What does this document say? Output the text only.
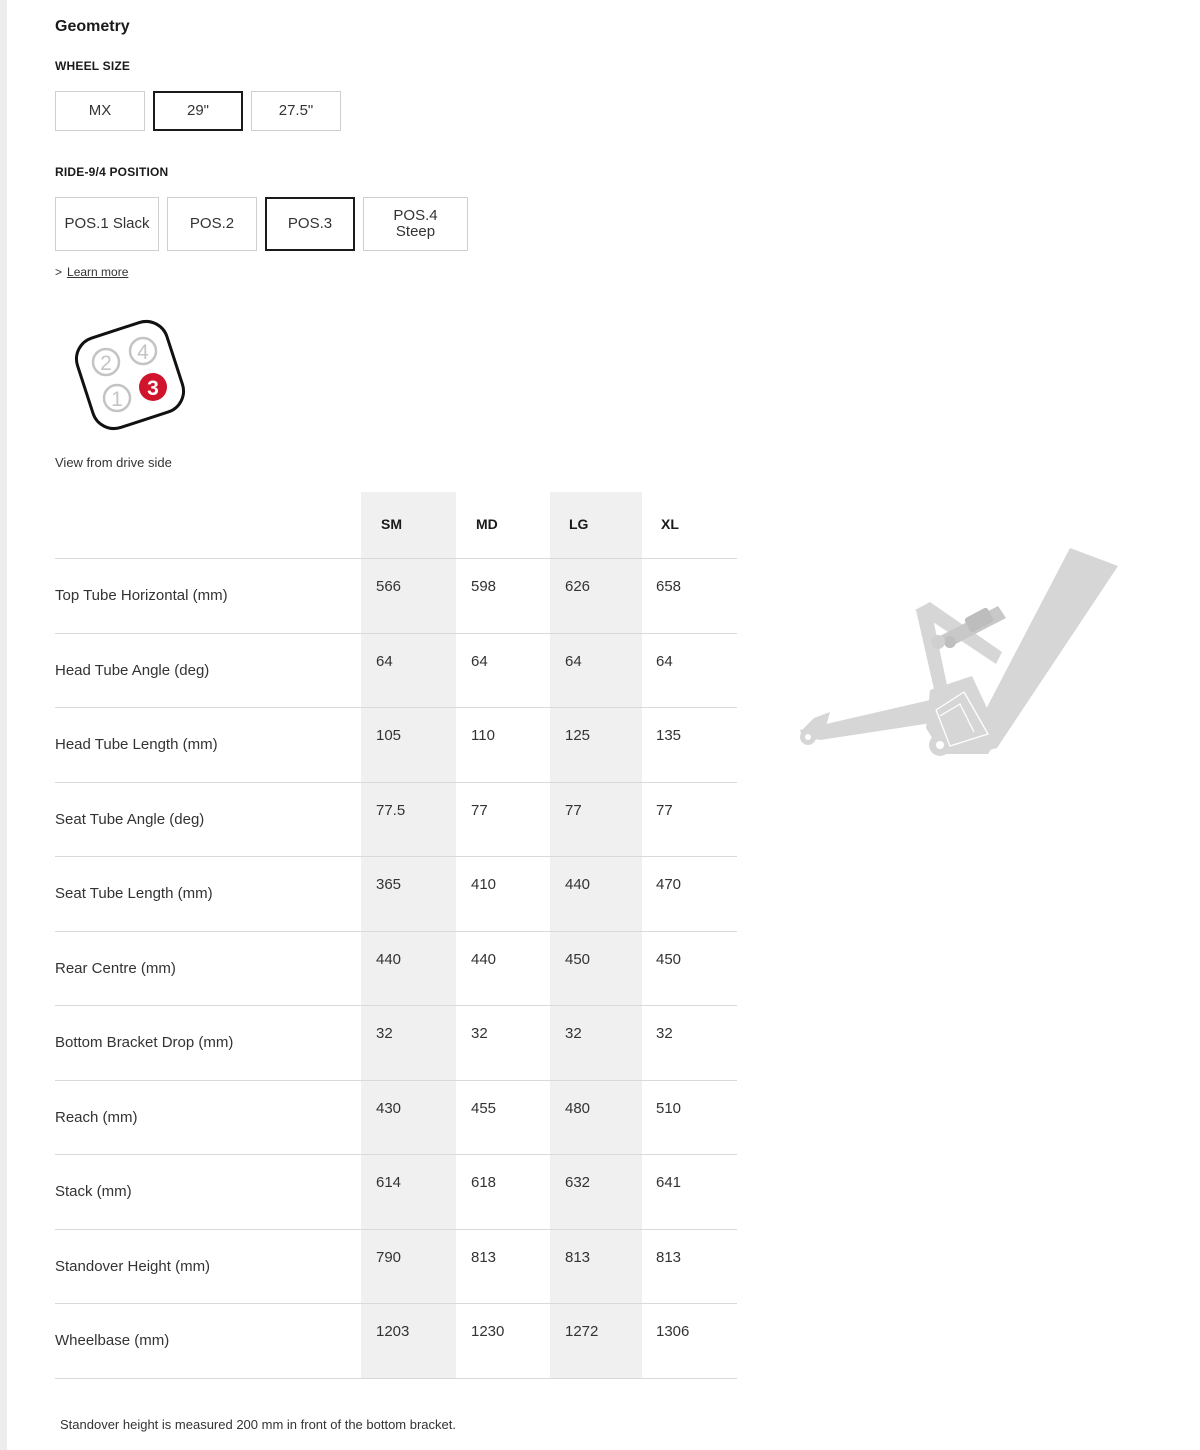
Geometry
WHEEL SIZE
MX	29"	27.5"
RIDE-9/4 POSITION
POS.1 Slack	POS.2	POS.3	POS.4
Steep
> Learn more
2 4
1 3
View from drive side
SM	MD	LG	XL
Top Tube Horizontal (mm)
566	598	626	658
Head Tube Angle (deg)
64	64	64	64
Head Tube Length (mm)
105	110	125	135
Seat Tube Angle (deg)
77.5	77	77	77
Seat Tube Length (mm)
365	410	440	470
Rear Centre (mm)
440	440	450	450
Bottom Bracket Drop (mm)
32	32	32	32
Reach (mm)
430	455	480	510
Stack (mm)
614	618	632	641
Standover Height (mm)
790	813	813	813
Wheelbase (mm)
1203	1230	1272	1306
Standover height is measured 200 mm in front of the bottom bracket.
